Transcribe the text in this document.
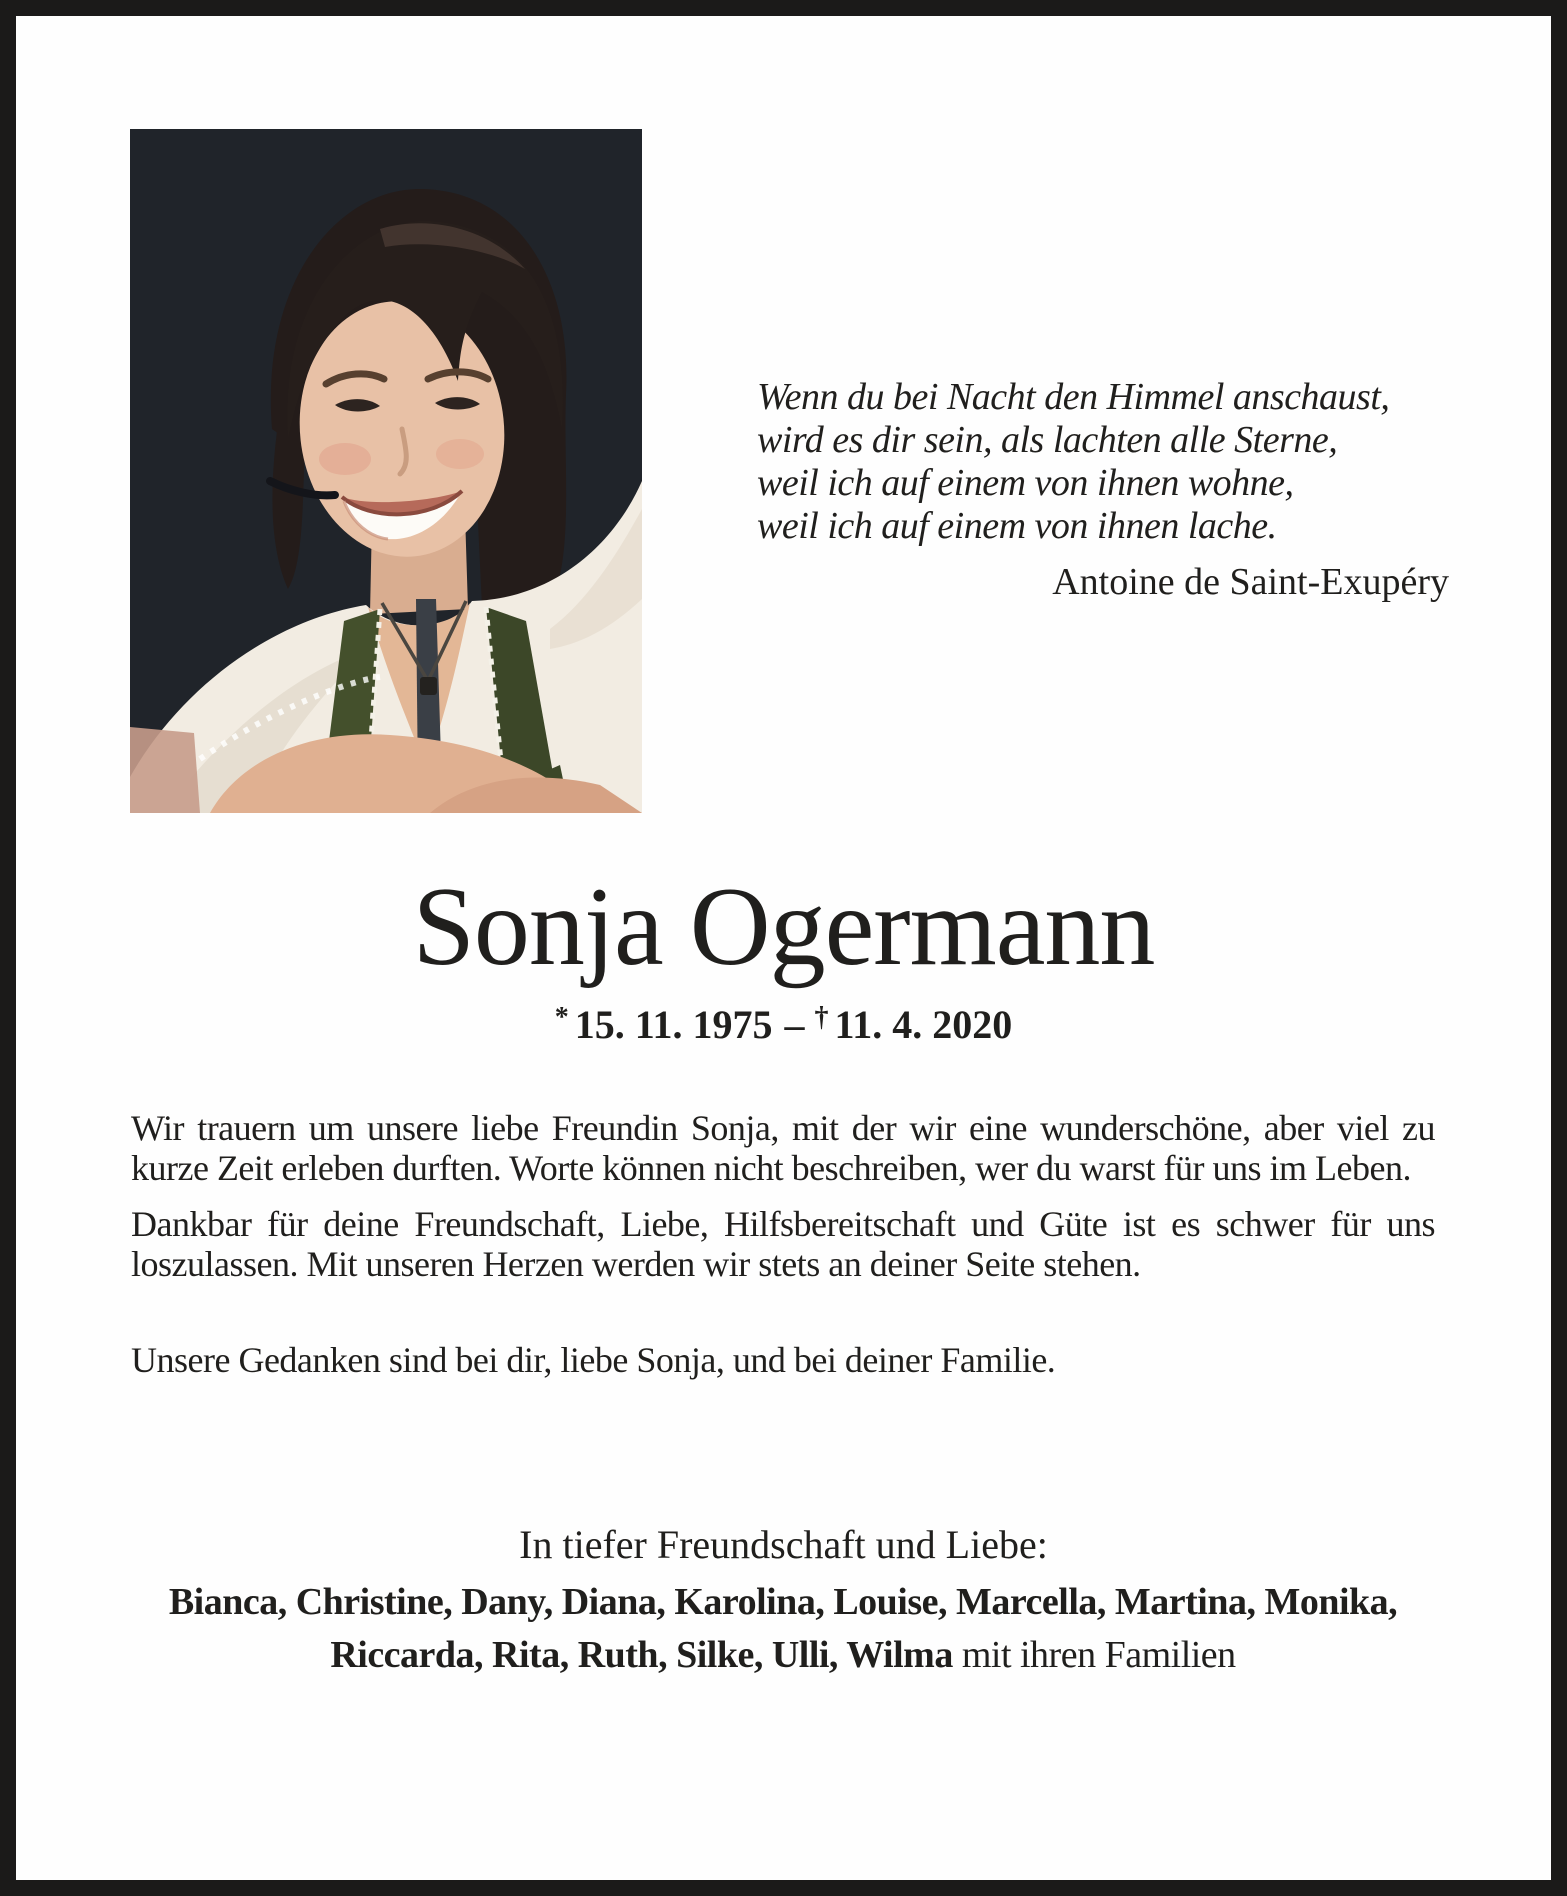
Wenn du bei Nacht den Himmel anschaust,
wird es dir sein, als lachten alle Sterne,
weil ich auf einem von ihnen wohne,
weil ich auf einem von ihnen lache.
Antoine de Saint-Exupéry
Sonja Ogermann
* 15. 11. 1975 – † 11. 4. 2020

Wir trauern um unsere liebe Freundin Sonja, mit der wir eine wunderschöne, aber viel zu kurze Zeit erleben durften. Worte können nicht beschreiben, wer du warst für uns im Leben.

Dankbar für deine Freundschaft, Liebe, Hilfsbereitschaft und Güte ist es schwer für uns loszulassen. Mit unseren Herzen werden wir stets an deiner Seite stehen.

Unsere Gedanken sind bei dir, liebe Sonja, und bei deiner Familie.

In tiefer Freundschaft und Liebe:
Bianca, Christine, Dany, Diana, Karolina, Louise, Marcella, Martina, Monika, Riccarda, Rita, Ruth, Silke, Ulli, Wilma mit ihren Familien
